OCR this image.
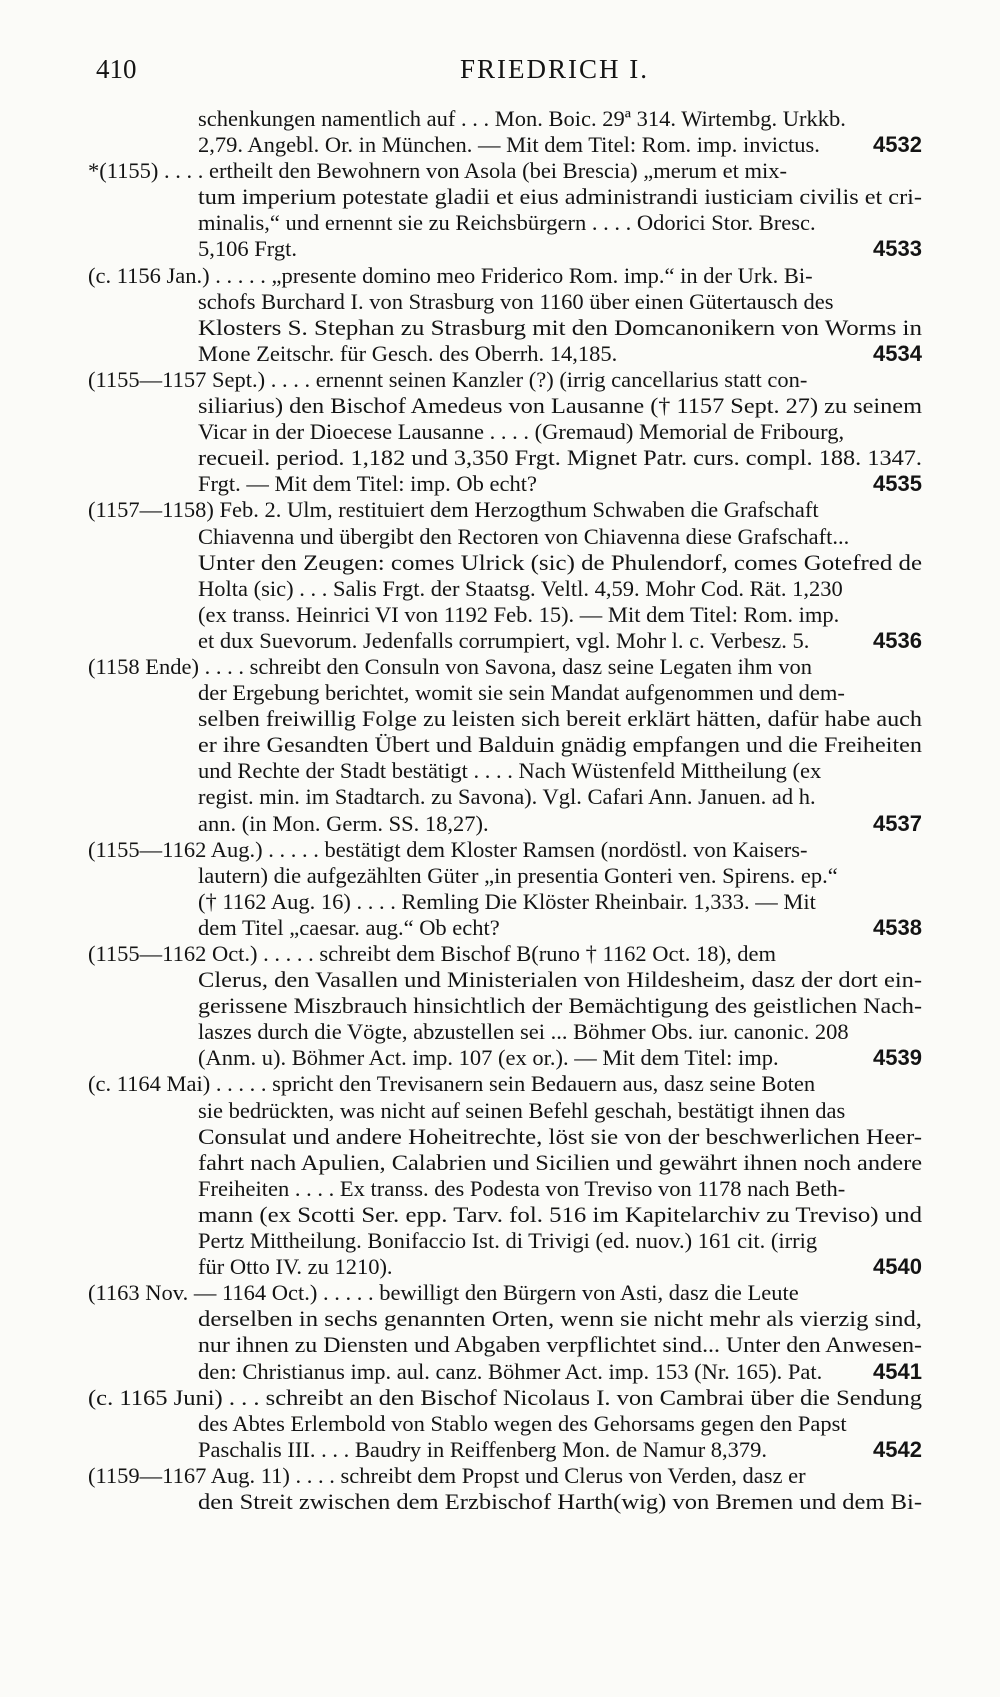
410	FRIEDRICH I.
schenkungen namentlich auf . . . Mon. Boic. 29ª 314. Wirtembg. Urkkb.
2,79. Angebl. Or. in München. — Mit dem Titel: Rom. imp. invictus. 4532
*(1155) . . . . ertheilt den Bewohnern von Asola (bei Brescia) „merum et mix-
tum imperium potestate gladii et eius administrandi iusticiam civilis et cri-
minalis,“ und ernennt sie zu Reichsbürgern . . . . Odorici Stor. Bresc.
5,106 Frgt.	4533
(c. 1156 Jan.) . . . . . „presente domino meo Friderico Rom. imp.“ in der Urk. Bi-
schofs Burchard I. von Strasburg von 1160 über einen Gütertausch des
Klosters S. Stephan zu Strasburg mit den Domcanonikern von Worms in
Mone Zeitschr. für Gesch. des Oberrh. 14,185.	4534
(1155—1157 Sept.) . . . . ernennt seinen Kanzler (?) (irrig cancellarius statt con-
siliarius) den Bischof Amedeus von Lausanne († 1157 Sept. 27) zu seinem
Vicar in der Dioecese Lausanne . . . . (Gremaud) Memorial de Fribourg,
recueil. period. 1,182 und 3,350 Frgt. Mignet Patr. curs. compl. 188. 1347.
Frgt. — Mit dem Titel: imp. Ob echt?	4535
(1157—1158) Feb. 2. Ulm, restituiert dem Herzogthum Schwaben die Grafschaft
Chiavenna und übergibt den Rectoren von Chiavenna diese Grafschaft...
Unter den Zeugen: comes Ulrick (sic) de Phulendorf, comes Gotefred de
Holta (sic) . . . Salis Frgt. der Staatsg. Veltl. 4,59. Mohr Cod. Rät. 1,230
(ex transs. Heinrici VI von 1192 Feb. 15). — Mit dem Titel: Rom. imp.
et dux Suevorum. Jedenfalls corrumpiert, vgl. Mohr l. c. Verbesz. 5.	4536
(1158 Ende) . . . . schreibt den Consuln von Savona, dasz seine Legaten ihm von
der Ergebung berichtet, womit sie sein Mandat aufgenommen und dem-
selben freiwillig Folge zu leisten sich bereit erklärt hätten, dafür habe auch
er ihre Gesandten Übert und Balduin gnädig empfangen und die Freiheiten
und Rechte der Stadt bestätigt . . . . Nach Wüstenfeld Mittheilung (ex
regist. min. im Stadtarch. zu Savona). Vgl. Cafari Ann. Januen. ad h.
ann. (in Mon. Germ. SS. 18,27).	4537
(1155—1162 Aug.) . . . . . bestätigt dem Kloster Ramsen (nordöstl. von Kaisers-
lautern) die aufgezählten Güter „in presentia Gonteri ven. Spirens. ep.“
(† 1162 Aug. 16) . . . . Remling Die Klöster Rheinbair. 1,333. — Mit
dem Titel „caesar. aug.“ Ob echt?	4538
(1155—1162 Oct.) . . . . . schreibt dem Bischof B(runo † 1162 Oct. 18), dem
Clerus, den Vasallen und Ministerialen von Hildesheim, dasz der dort ein-
gerissene Miszbrauch hinsichtlich der Bemächtigung des geistlichen Nach-
laszes durch die Vögte, abzustellen sei ... Böhmer Obs. iur. canonic. 208
(Anm. u). Böhmer Act. imp. 107 (ex or.). — Mit dem Titel: imp.	4539
(c. 1164 Mai) . . . . . spricht den Trevisanern sein Bedauern aus, dasz seine Boten
sie bedrückten, was nicht auf seinen Befehl geschah, bestätigt ihnen das
Consulat und andere Hoheitrechte, löst sie von der beschwerlichen Heer-
fahrt nach Apulien, Calabrien und Sicilien und gewährt ihnen noch andere
Freiheiten . . . . Ex transs. des Podesta von Treviso von 1178 nach Beth-
mann (ex Scotti Ser. epp. Tarv. fol. 516 im Kapitelarchiv zu Treviso) und
Pertz Mittheilung. Bonifaccio Ist. di Trivigi (ed. nuov.) 161 cit. (irrig
für Otto IV. zu 1210).	4540
(1163 Nov. — 1164 Oct.) . . . . . bewilligt den Bürgern von Asti, dasz die Leute
derselben in sechs genannten Orten, wenn sie nicht mehr als vierzig sind,
nur ihnen zu Diensten und Abgaben verpflichtet sind... Unter den Anwesen-
den: Christianus imp. aul. canz. Böhmer Act. imp. 153 (Nr. 165). Pat. 4541
(c. 1165 Juni) . . . schreibt an den Bischof Nicolaus I. von Cambrai über die Sendung
des Abtes Erlembold von Stablo wegen des Gehorsams gegen den Papst
Paschalis III. . . . Baudry in Reiffenberg Mon. de Namur 8,379.	4542
(1159—1167 Aug. 11) . . . . schreibt dem Propst und Clerus von Verden, dasz er
den Streit zwischen dem Erzbischof Harth(wig) von Bremen und dem Bi-
